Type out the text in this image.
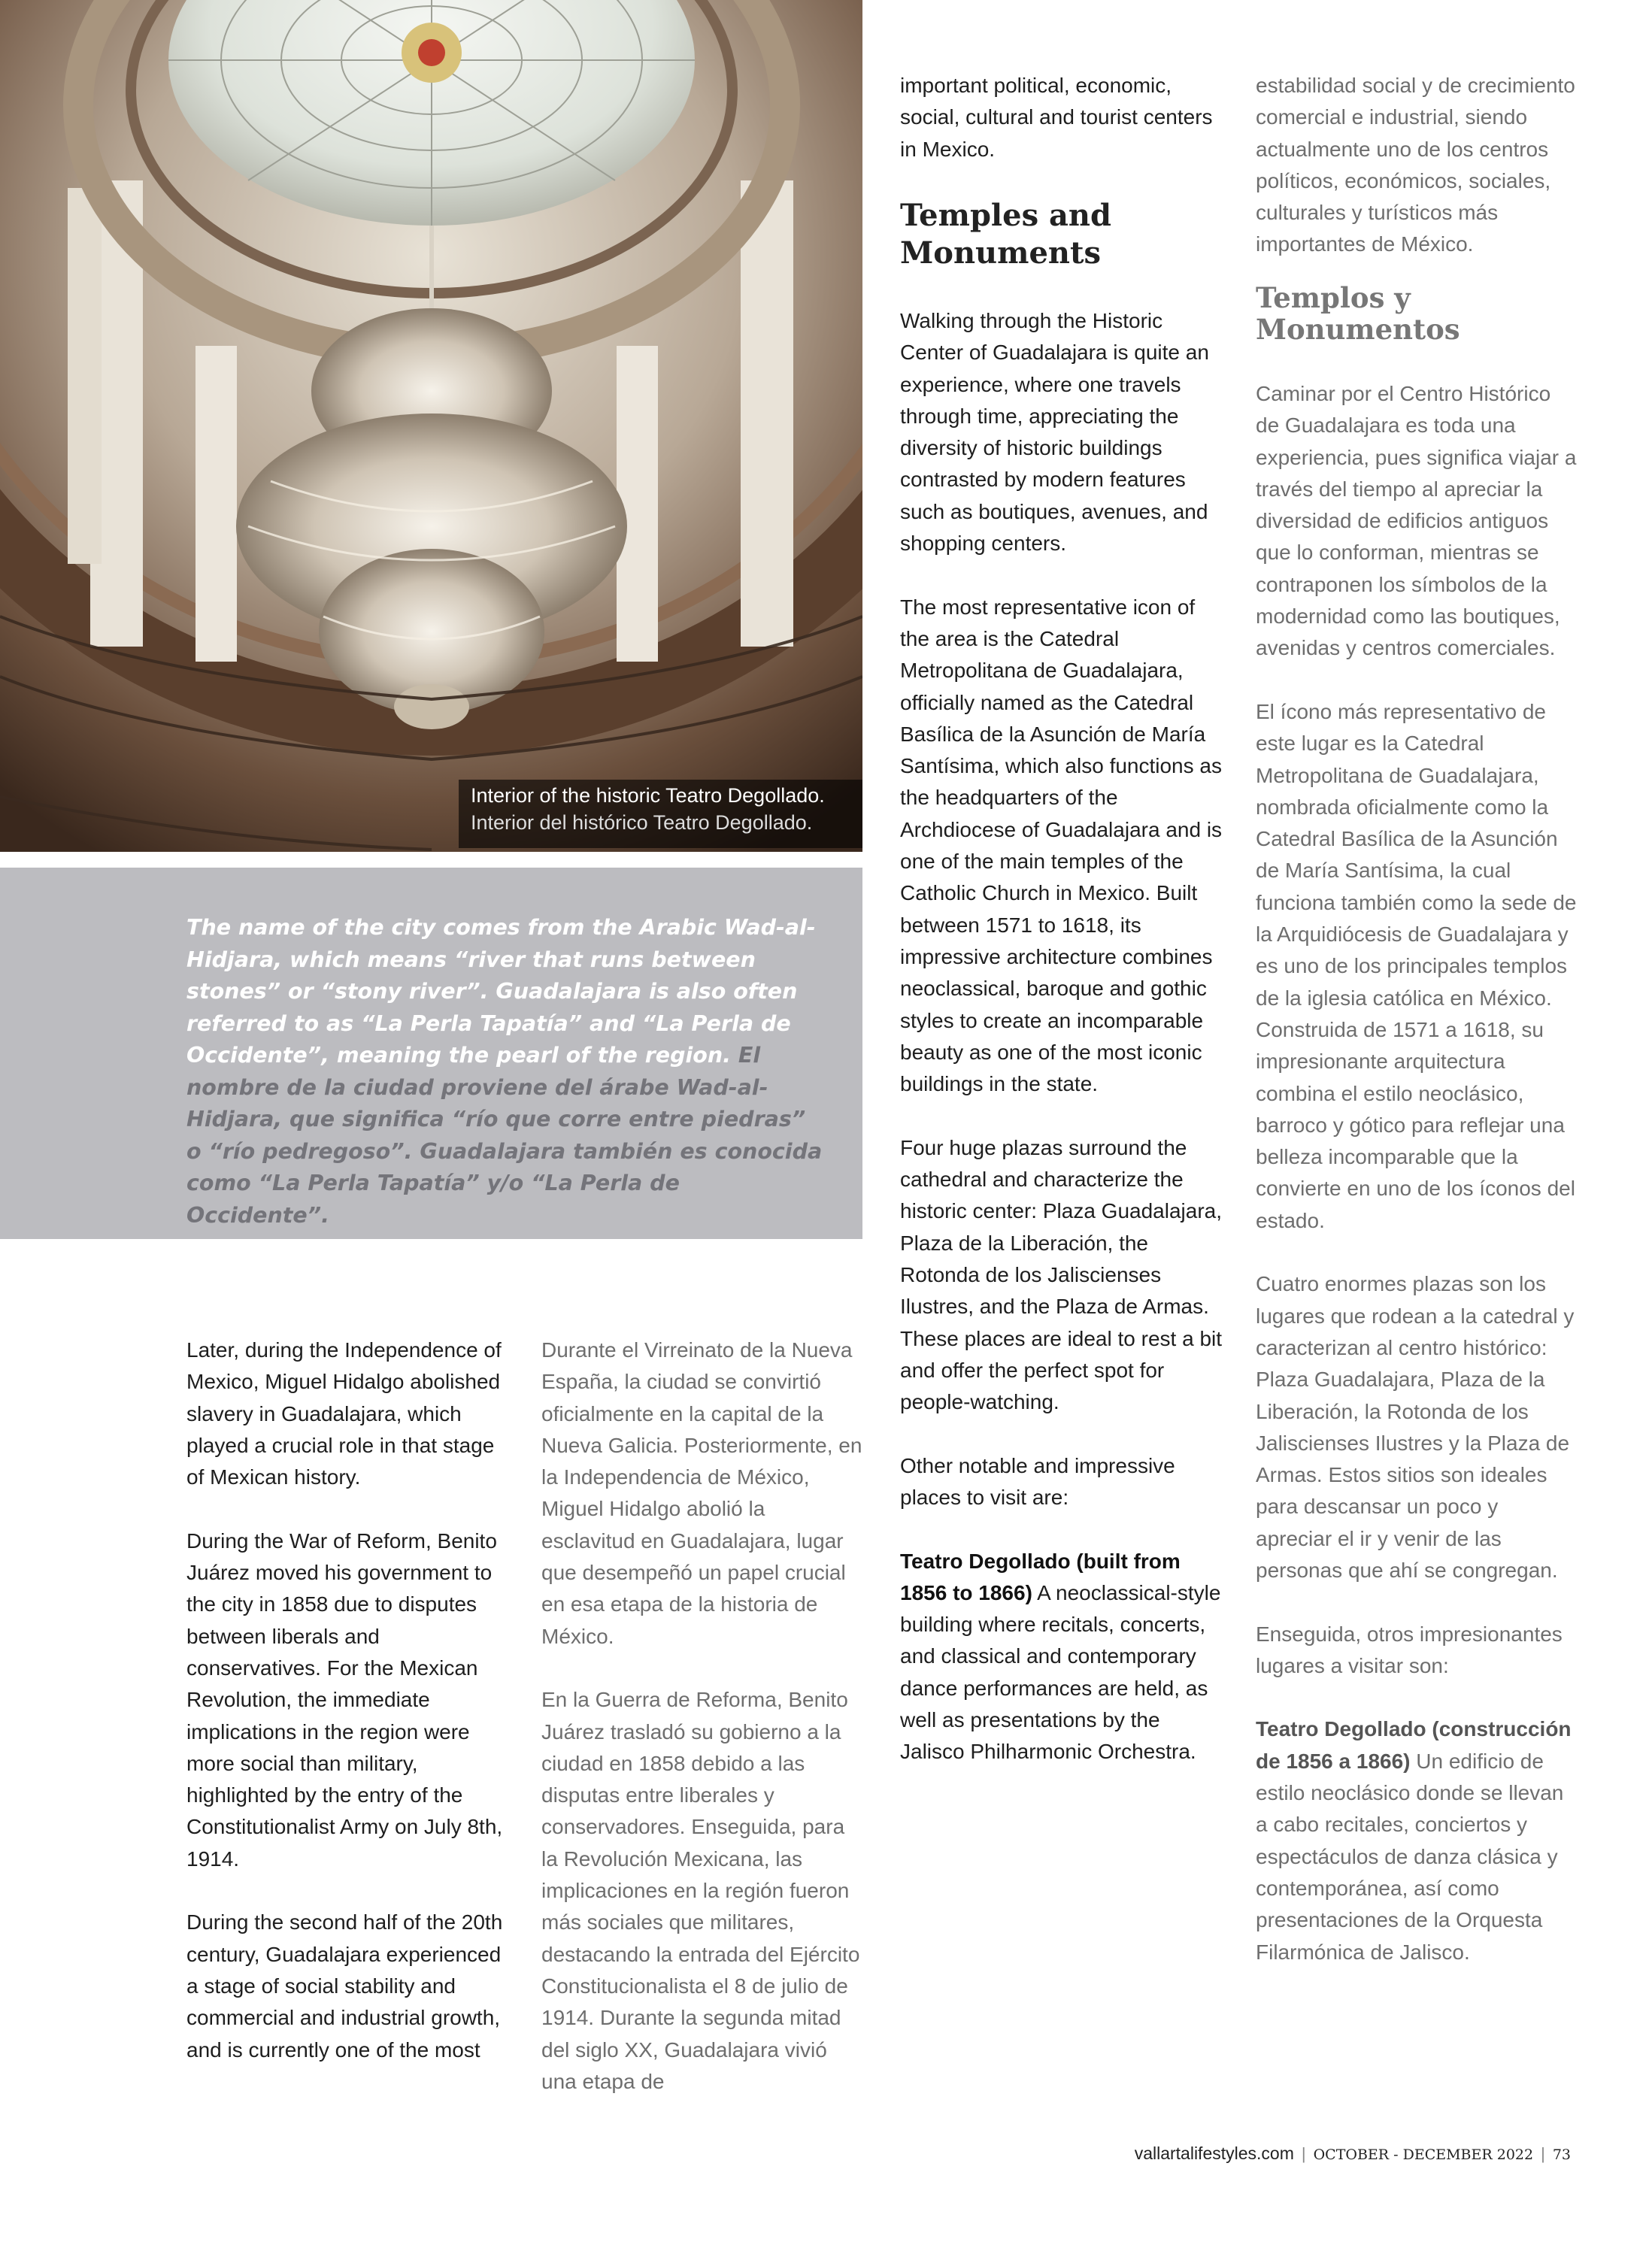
Interior of the historic Teatro Degollado.
Interior del histórico Teatro Degollado.

The name of the city comes from the Arabic Wad-al-Hidjara, which means “river that runs between stones” or “stony river”. Guadalajara is also often referred to as “La Perla Tapatía” and “La Perla de Occidente”, meaning the pearl of the region. El nombre de la ciudad proviene del árabe Wad-al-Hidjara, que significa “río que corre entre piedras” o “río pedregoso”. Guadalajara también es conocida como “La Perla Tapatía” y/o “La Perla de Occidente”.

Later, during the Independence of Mexico, Miguel Hidalgo abolished slavery in Guadalajara, which played a crucial role in that stage of Mexican history.

During the War of Reform, Benito Juárez moved his government to the city in 1858 due to disputes between liberals and conservatives. For the Mexican Revolution, the immediate implications in the region were more social than military, highlighted by the entry of the Constitutionalist Army on July 8th, 1914.

During the second half of the 20th century, Guadalajara experienced a stage of social stability and commercial and industrial growth, and is currently one of the most

Durante el Virreinato de la Nueva España, la ciudad se convirtió oficialmente en la capital de la Nueva Galicia. Posteriormente, en la Independencia de México, Miguel Hidalgo abolió la esclavitud en Guadalajara, lugar que desempeñó un papel crucial en esa etapa de la historia de México.

En la Guerra de Reforma, Benito Juárez trasladó su gobierno a la ciudad en 1858 debido a las disputas entre liberales y conservadores. Enseguida, para la Revolución Mexicana, las implicaciones en la región fueron más sociales que militares, destacando la entrada del Ejército Constitucionalista el 8 de julio de 1914. Durante la segunda mitad del siglo XX, Guadalajara vivió una etapa de

important political, economic, social, cultural and tourist centers in Mexico.

Temples and Monuments

Walking through the Historic Center of Guadalajara is quite an experience, where one travels through time, appreciating the diversity of historic buildings contrasted by modern features such as boutiques, avenues, and shopping centers.

The most representative icon of the area is the Catedral Metropolitana de Guadalajara, officially named as the Catedral Basílica de la Asunción de María Santísima, which also functions as the headquarters of the Archdiocese of Guadalajara and is one of the main temples of the Catholic Church in Mexico. Built between 1571 to 1618, its impressive architecture combines neoclassical, baroque and gothic styles to create an incomparable beauty as one of the most iconic buildings in the state.

Four huge plazas surround the cathedral and characterize the historic center: Plaza Guadalajara, Plaza de la Liberación, the Rotonda de los Jaliscienses Ilustres, and the Plaza de Armas. These places are ideal to rest a bit and offer the perfect spot for people-watching.

Other notable and impressive places to visit are:

Teatro Degollado (built from 1856 to 1866) A neoclassical-style building where recitals, concerts, and classical and contemporary dance performances are held, as well as presentations by the Jalisco Philharmonic Orchestra.

estabilidad social y de crecimiento comercial e industrial, siendo actualmente uno de los centros políticos, económicos, sociales, culturales y turísticos más importantes de México.

Templos y Monumentos

Caminar por el Centro Histórico de Guadalajara es toda una experiencia, pues significa viajar a través del tiempo al apreciar la diversidad de edificios antiguos que lo conforman, mientras se contraponen los símbolos de la modernidad como las boutiques, avenidas y centros comerciales.

El ícono más representativo de este lugar es la Catedral Metropolitana de Guadalajara, nombrada oficialmente como la Catedral Basílica de la Asunción de María Santísima, la cual funciona también como la sede de la Arquidiócesis de Guadalajara y es uno de los principales templos de la iglesia católica en México. Construida de 1571 a 1618, su impresionante arquitectura combina el estilo neoclásico, barroco y gótico para reflejar una belleza incomparable que la convierte en uno de los íconos del estado.

Cuatro enormes plazas son los lugares que rodean a la catedral y caracterizan al centro histórico: Plaza Guadalajara, Plaza de la Liberación, la Rotonda de los Jaliscienses Ilustres y la Plaza de Armas. Estos sitios son ideales para descansar un poco y apreciar el ir y venir de las personas que ahí se congregan.

Enseguida, otros impresionantes lugares a visitar son:

Teatro Degollado (construcción de 1856 a 1866) Un edificio de estilo neoclásico donde se llevan a cabo recitales, conciertos y espectáculos de danza clásica y contemporánea, así como presentaciones de la Orquesta Filarmónica de Jalisco.

vallartalifestyles.com | OCTOBER - DECEMBER 2022 | 73
